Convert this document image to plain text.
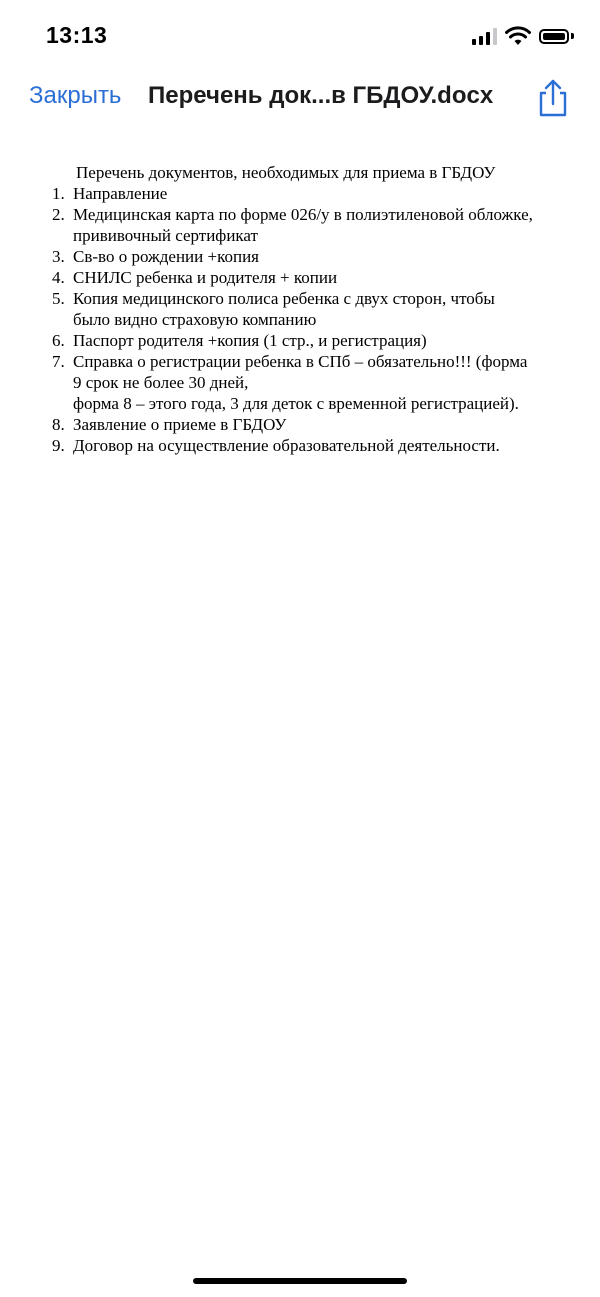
13:13
Закрыть Перечень док...в ГБДОУ.docx
Перечень документов, необходимых для приема в ГБДОУ
1. Направление
2. Медицинская карта по форме 026/у в полиэтиленовой обложке,
прививочный сертификат
3. Св-во о рождении +копия
4. СНИЛС ребенка и родителя + копии
5. Копия медицинского полиса ребенка с двух сторон, чтобы
было видно страховую компанию
6. Паспорт родителя +копия (1 стр., и регистрация)
7. Справка о регистрации ребенка в СПб – обязательно!!! (форма
9 срок не более 30 дней,
форма 8 – этого года, 3 для деток с временной регистрацией).
8. Заявление о приеме в ГБДОУ
9. Договор на осуществление образовательной деятельности.
